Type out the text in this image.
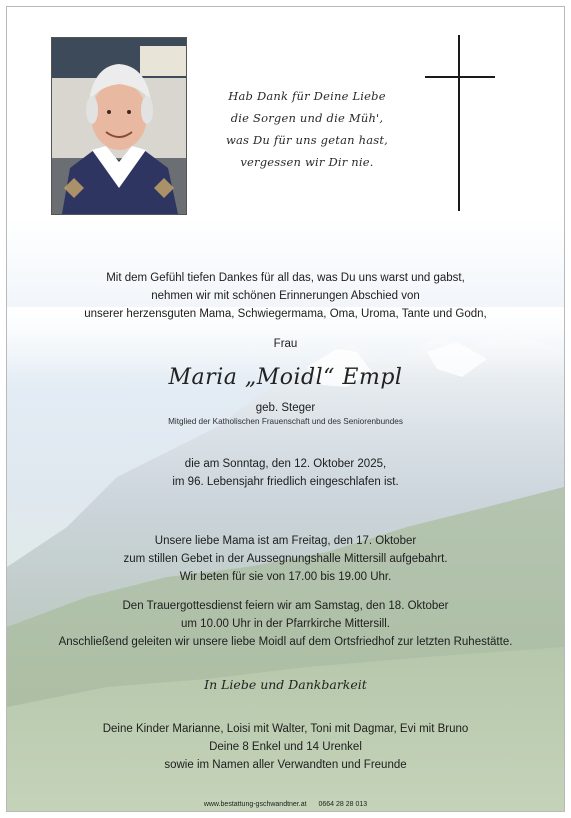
Hab Dank für Deine Liebe
die Sorgen und die Müh',
was Du für uns getan hast,
vergessen wir Dir nie.
Mit dem Gefühl tiefen Dankes für all das, was Du uns warst und gabst,
nehmen wir mit schönen Erinnerungen Abschied von
unserer herzensguten Mama, Schwiegermama, Oma, Uroma, Tante und Godn,
Frau
Maria „Moidl“ Empl
geb. Steger
Mitglied der Katholischen Frauenschaft und des Seniorenbundes
die am Sonntag, den 12. Oktober 2025,
im 96. Lebensjahr friedlich eingeschlafen ist.
Unsere liebe Mama ist am Freitag, den 17. Oktober
zum stillen Gebet in der Aussegnungshalle Mittersill aufgebahrt.
Wir beten für sie von 17.00 bis 19.00 Uhr.
Den Trauergottesdienst feiern wir am Samstag, den 18. Oktober
um 10.00 Uhr in der Pfarrkirche Mittersill.
Anschließend geleiten wir unsere liebe Moidl auf dem Ortsfriedhof zur letzten Ruhestätte.
In Liebe und Dankbarkeit
Deine Kinder Marianne, Loisi mit Walter, Toni mit Dagmar, Evi mit Bruno
Deine 8 Enkel und 14 Urenkel
sowie im Namen aller Verwandten und Freunde
www.bestattung-gschwandtner.at 0664 28 28 013
